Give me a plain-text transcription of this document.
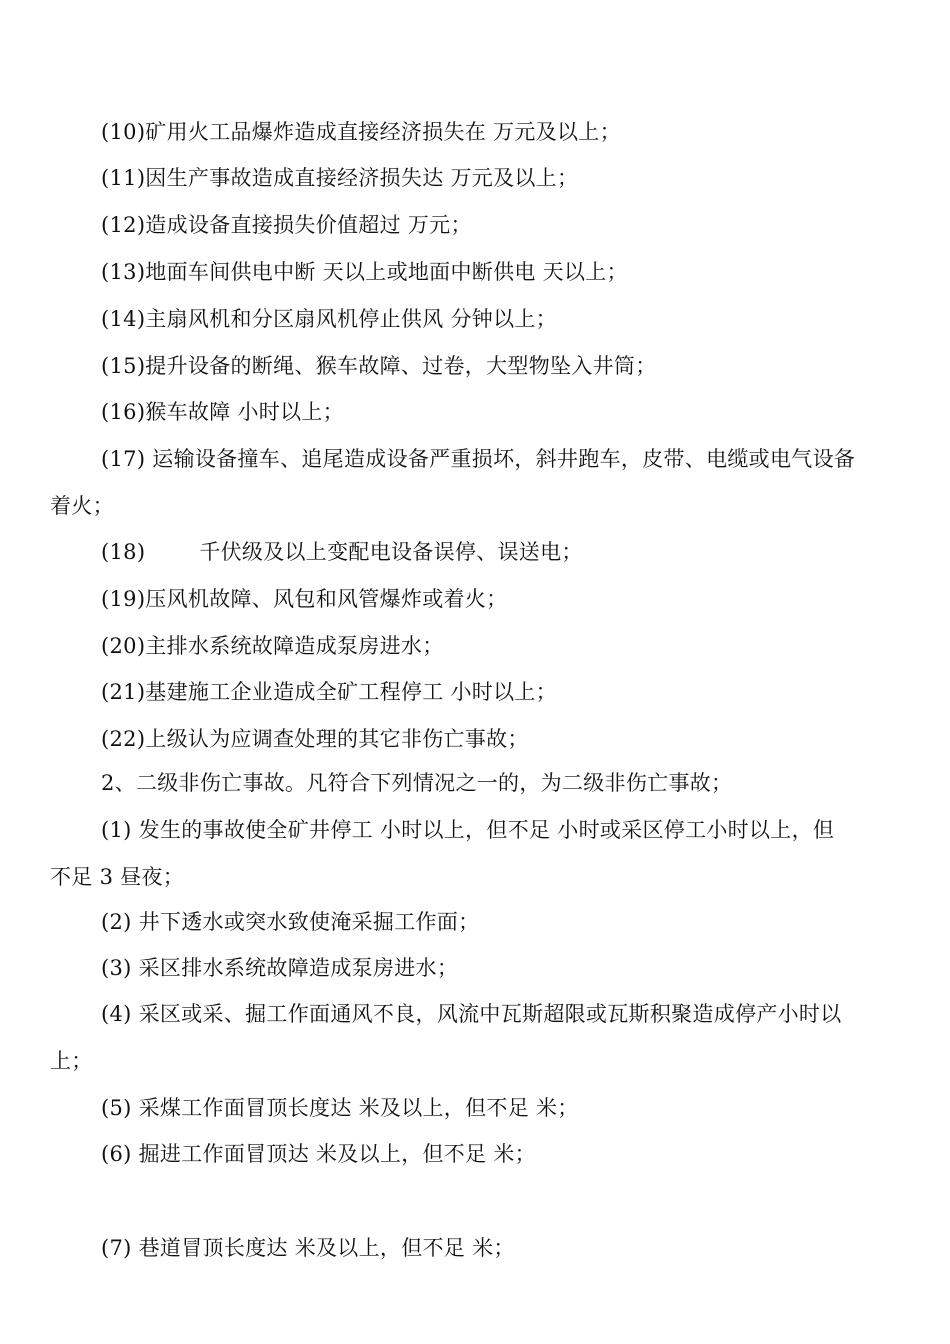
(10)矿用火工品爆炸造成直接经济损失在 万元及以上；
(11)因生产事故造成直接经济损失达 万元及以上；
(12)造成设备直接损失价值超过 万元；
(13)地面车间供电中断 天以上或地面中断供电 天以上；
(14)主扇风机和分区扇风机停止供风 分钟以上；
(15)提升设备的断绳、猴车故障、过卷，大型物坠入井筒；
(16)猴车故障 小时以上；
(17) 运输设备撞车、追尾造成设备严重损坏，斜井跑车，皮带、电缆或电气设备
着火；
(18)	千伏级及以上变配电设备误停、误送电；
(19)压风机故障、风包和风管爆炸或着火；
(20)主排水系统故障造成泵房进水；
(21)基建施工企业造成全矿工程停工 小时以上；
(22)上级认为应调查处理的其它非伤亡事故；
2、二级非伤亡事故。凡符合下列情况之一的，为二级非伤亡事故；
(1) 发生的事故使全矿井停工 小时以上，但不足 小时或采区停工小时以上，但
不足 3 昼夜；
(2) 井下透水或突水致使淹采掘工作面；
(3) 采区排水系统故障造成泵房进水；
(4) 采区或采、掘工作面通风不良，风流中瓦斯超限或瓦斯积聚造成停产小时以
上；
(5) 采煤工作面冒顶长度达 米及以上，但不足 米；
(6) 掘进工作面冒顶达 米及以上，但不足 米；
(7) 巷道冒顶长度达 米及以上，但不足 米；
